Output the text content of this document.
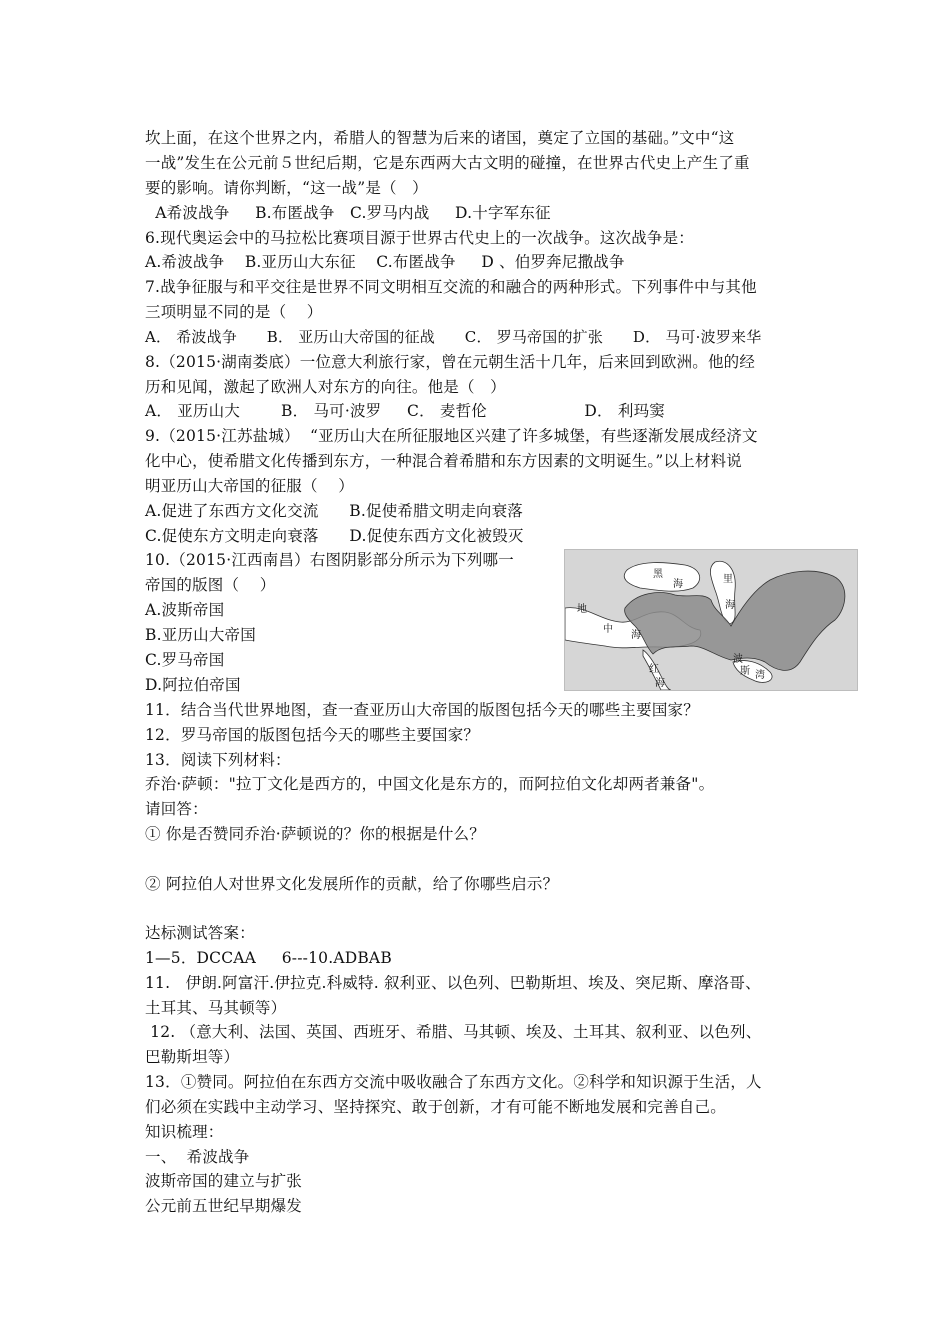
坎上面，在这个世界之内，希腊人的智慧为后来的诸国，奠定了立国的基础。”文中“这

一战”发生在公元前５世纪后期，它是东西两大古文明的碰撞，在世界古代史上产生了重

要的影响。请你判断，“这一战”是（   ）

A希波战争     B.布匿战争   C.罗马内战     D.十字军东征

6.现代奥运会中的马拉松比赛项目源于世界古代史上的一次战争。这次战争是：

A.希波战争    B.亚历山大东征    C.布匿战争     D 、伯罗奔尼撒战争

7.战争征服与和平交往是世界不同文明相互交流的和融合的两种形式。下列事件中与其他

三项明显不同的是（    ）

A． 希波战争      B． 亚历山大帝国的征战      C． 罗马帝国的扩张      D． 马可·波罗来华

8.（2015·湖南娄底）一位意大利旅行家，曾在元朝生活十几年，后来回到欧洲。他的经

历和见闻，激起了欧洲人对东方的向往。他是（   ）

A． 亚历山大        B． 马可·波罗     C． 麦哲伦                   D． 利玛窦

9.（2015·江苏盐城）  “亚历山大在所征服地区兴建了许多城堡，有些逐渐发展成经济文

化中心，使希腊文化传播到东方，一种混合着希腊和东方因素的文明诞生。”以上材料说

明亚历山大帝国的征服（    ）

A.促进了东西方文化交流      B.促使希腊文明走向衰落

C.促使东方文明走向衰落      D.促使东西方文化被毁灭

10.（2015·江西南昌）右图阴影部分所示为下列哪一

帝国的版图（    ）

A.波斯帝国

B.亚历山大帝国

C.罗马帝国

D.阿拉伯帝国

11．结合当代世界地图，查一查亚历山大帝国的版图包括今天的哪些主要国家？

12．罗马帝国的版图包括今天的哪些主要国家？

13．阅读下列材料：

乔治·萨顿："拉丁文化是西方的，中国文化是东方的，而阿拉伯文化却两者兼备"。

请回答：

① 你是否赞同乔治·萨顿说的？你的根据是什么？

② 阿拉伯人对世界文化发展所作的贡献，给了你哪些启示？

达标测试答案：

1—5．DCCAA     6---10.ADBAB

11.   伊朗.阿富汗.伊拉克.科威特. 叙利亚、以色列、巴勒斯坦、埃及、突尼斯、摩洛哥、

土耳其、马其顿等）

12. （意大利、法国、英国、西班牙、希腊、马其顿、埃及、土耳其、叙利亚、以色列、

巴勒斯坦等）

13．①赞同。阿拉伯在东西方交流中吸收融合了东西方文化。②科学和知识源于生活，人

们必须在实践中主动学习、坚持探究、敢于创新，才有可能不断地发展和完善自己。

知识梳理：

一、  希波战争

波斯帝国的建立与扩张

公元前五世纪早期爆发

黑
海	里
海
地
中
海
红
海
波
斯 湾
